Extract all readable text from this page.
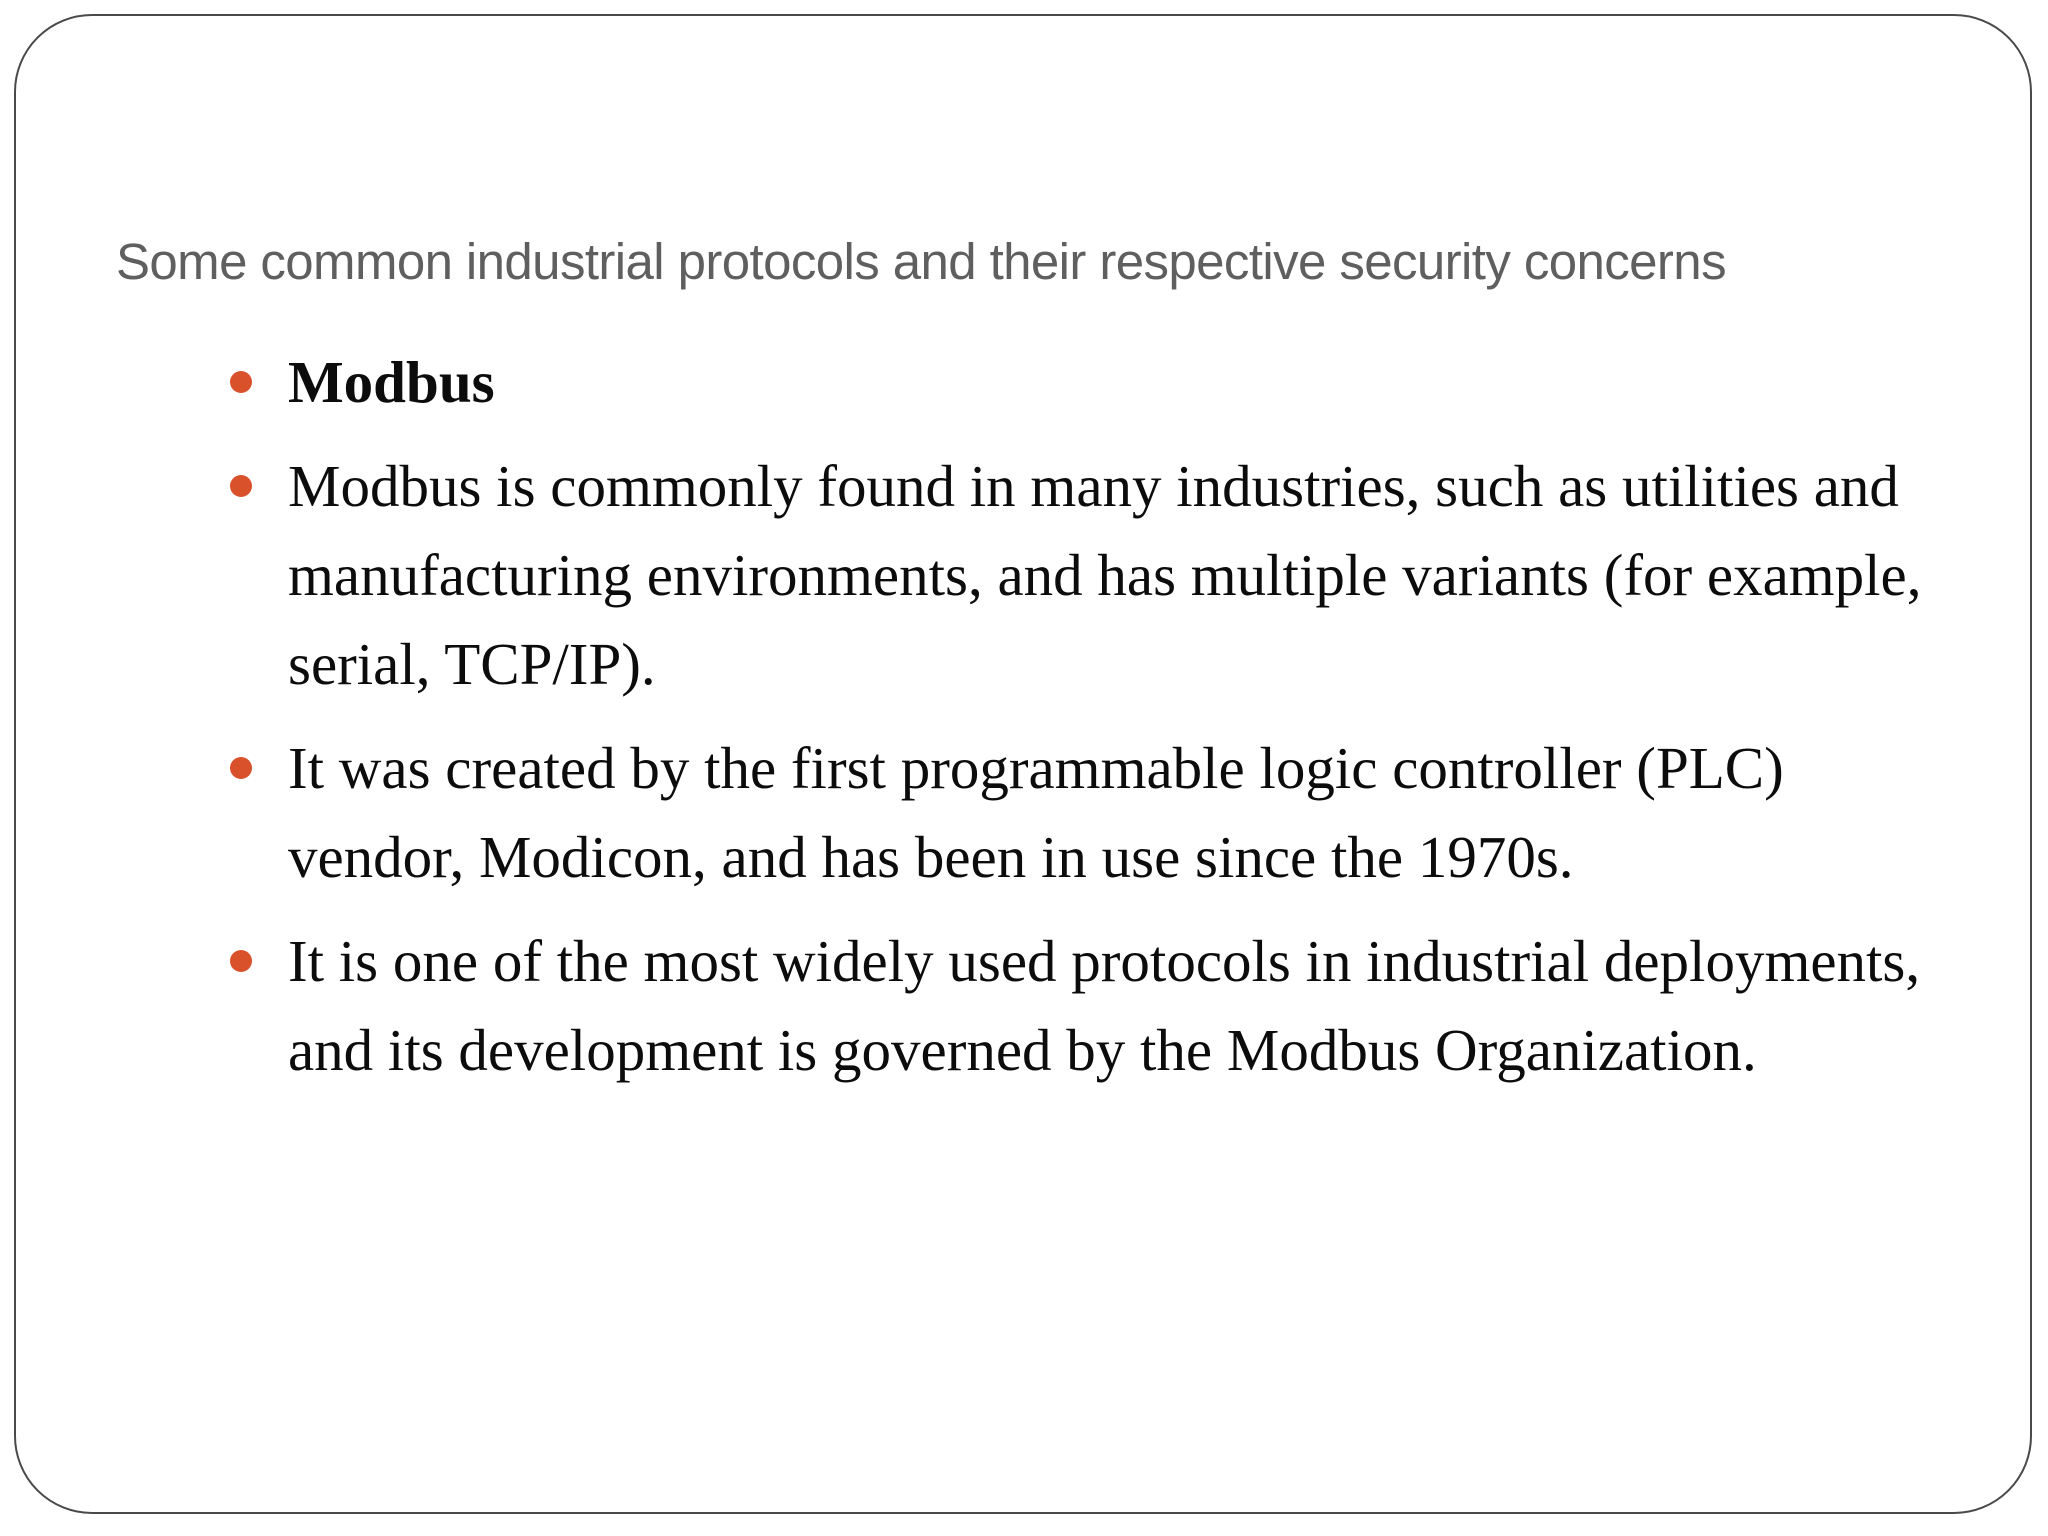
Some common industrial protocols and their respective security concerns
Modbus
Modbus is commonly found in many industries, such as utilities and manufacturing environments, and has multiple variants (for example, serial, TCP/IP).
It was created by the first programmable logic controller (PLC) vendor, Modicon, and has been in use since the 1970s.
It is one of the most widely used protocols in industrial deployments, and its development is governed by the Modbus Organization.
